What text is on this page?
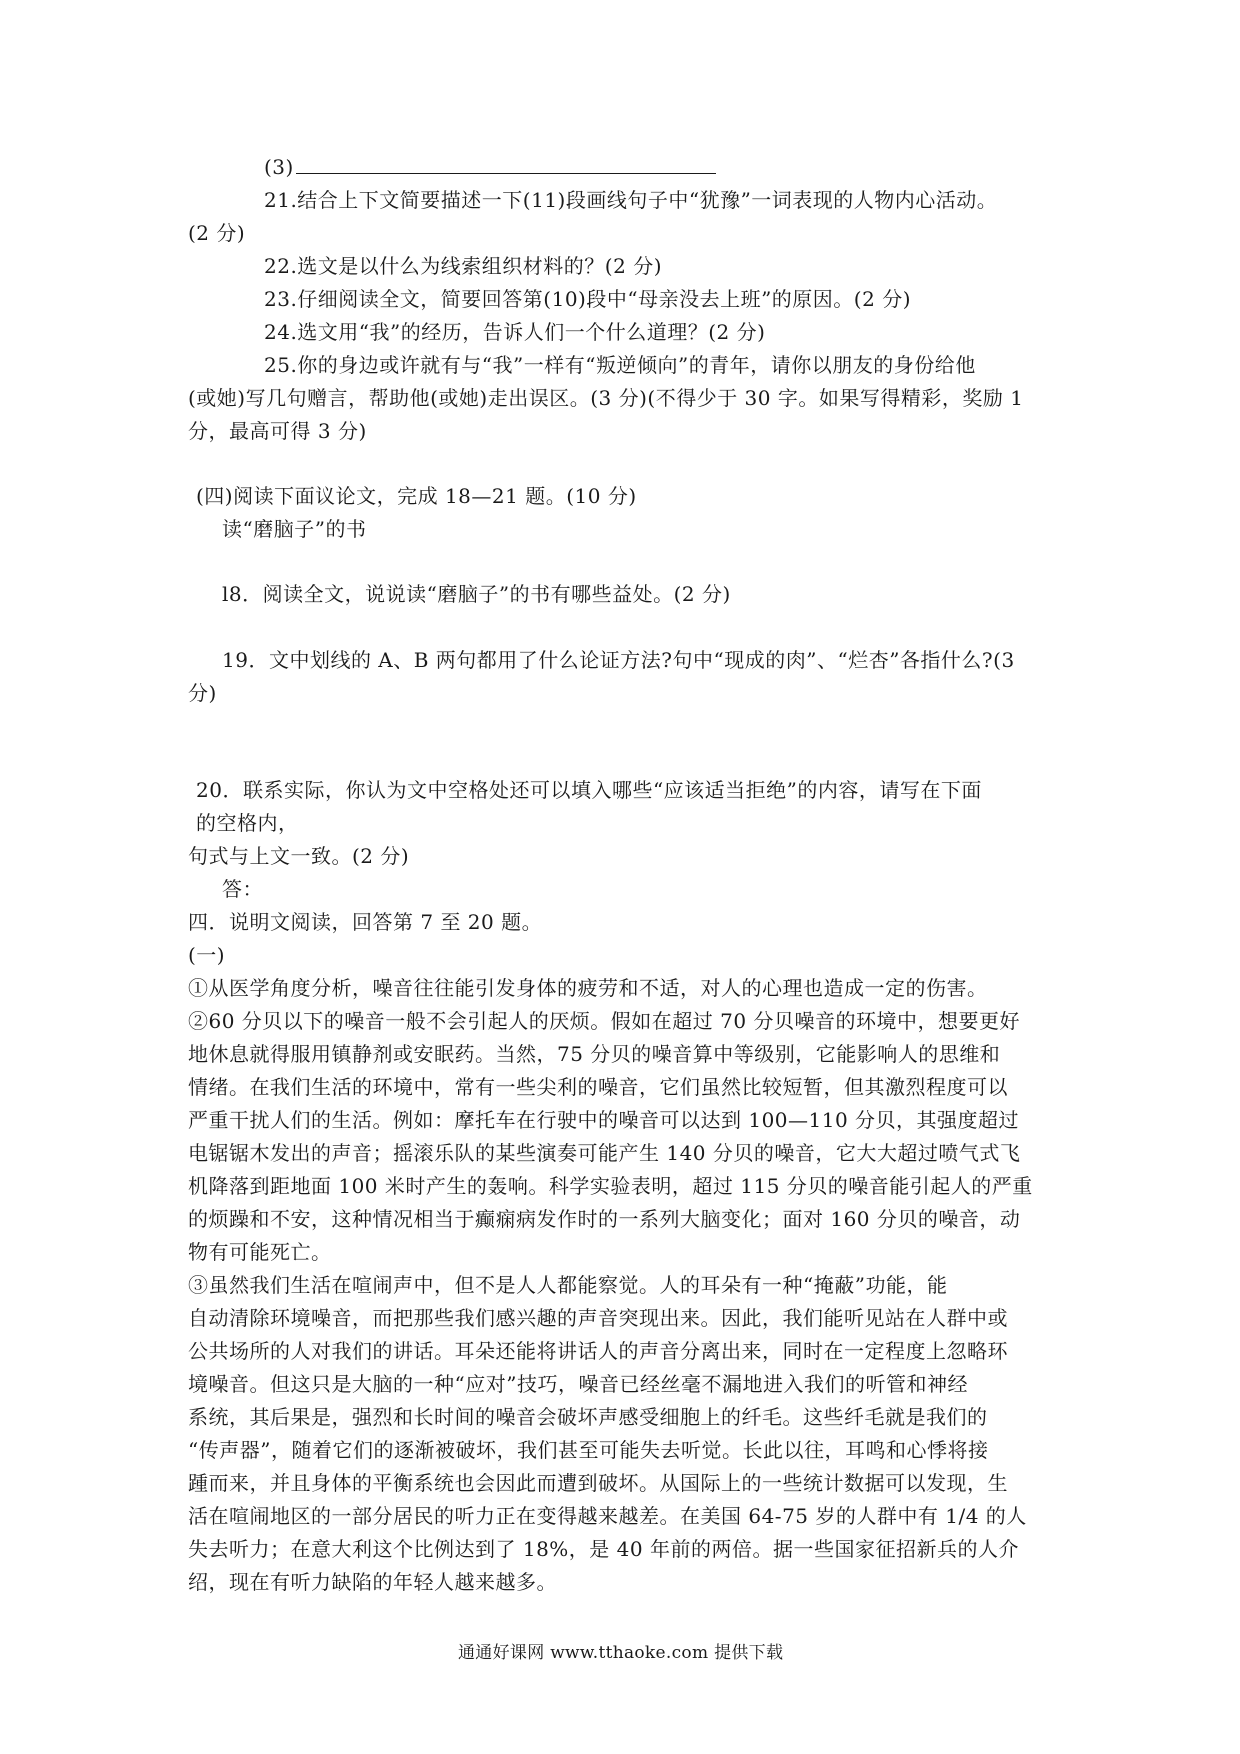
(3)
21.结合上下文简要描述一下(11)段画线句子中“犹豫”一词表现的人物内心活动。
(2 分)
22.选文是以什么为线索组织材料的？(2 分)
23.仔细阅读全文，简要回答第(10)段中“母亲没去上班”的原因。(2 分)
24.选文用“我”的经历，告诉人们一个什么道理？(2 分)
25.你的身边或许就有与“我”一样有“叛逆倾向”的青年，请你以朋友的身份给他
(或她)写几句赠言，帮助他(或她)走出误区。(3 分)(不得少于 30 字。如果写得精彩，奖励 1
分，最高可得 3 分)
(四)阅读下面议论文，完成 18—21 题。(10 分)
读“磨脑子”的书
l8．阅读全文，说说读“磨脑子”的书有哪些益处。(2 分)
19．文中划线的 A、B 两句都用了什么论证方法?句中“现成的肉”、“烂杏”各指什么?(3
分)
20．联系实际，你认为文中空格处还可以填入哪些“应该适当拒绝”的内容，请写在下面
的空格内，
句式与上文一致。(2 分)
答：
四．说明文阅读，回答第 7 至 20 题。
(一)
①从医学角度分析，噪音往往能引发身体的疲劳和不适，对人的心理也造成一定的伤害。
②60 分贝以下的噪音一般不会引起人的厌烦。假如在超过 70 分贝噪音的环境中，想要更好
地休息就得服用镇静剂或安眠药。当然，75 分贝的噪音算中等级别，它能影响人的思维和
情绪。在我们生活的环境中，常有一些尖利的噪音，它们虽然比较短暂，但其激烈程度可以
严重干扰人们的生活。例如：摩托车在行驶中的噪音可以达到 100—110 分贝，其强度超过
电锯锯木发出的声音；摇滚乐队的某些演奏可能产生 140 分贝的噪音，它大大超过喷气式飞
机降落到距地面 100 米时产生的轰响。科学实验表明，超过 115 分贝的噪音能引起人的严重
的烦躁和不安，这种情况相当于癫痫病发作时的一系列大脑变化；面对 160 分贝的噪音，动
物有可能死亡。
③虽然我们生活在喧闹声中，但不是人人都能察觉。人的耳朵有一种“掩蔽”功能，能
自动清除环境噪音，而把那些我们感兴趣的声音突现出来。因此，我们能听见站在人群中或
公共场所的人对我们的讲话。耳朵还能将讲话人的声音分离出来，同时在一定程度上忽略环
境噪音。但这只是大脑的一种“应对”技巧，噪音已经丝毫不漏地进入我们的听管和神经
系统，其后果是，强烈和长时间的噪音会破坏声感受细胞上的纤毛。这些纤毛就是我们的
“传声器”，随着它们的逐渐被破坏，我们甚至可能失去听觉。长此以往，耳鸣和心悸将接
踵而来，并且身体的平衡系统也会因此而遭到破坏。从国际上的一些统计数据可以发现，生
活在喧闹地区的一部分居民的听力正在变得越来越差。在美国 64-75 岁的人群中有 1/4 的人
失去听力；在意大利这个比例达到了 18%，是 40 年前的两倍。据一些国家征招新兵的人介
绍，现在有听力缺陷的年轻人越来越多。
通通好课网 www.tthaoke.com 提供下载
